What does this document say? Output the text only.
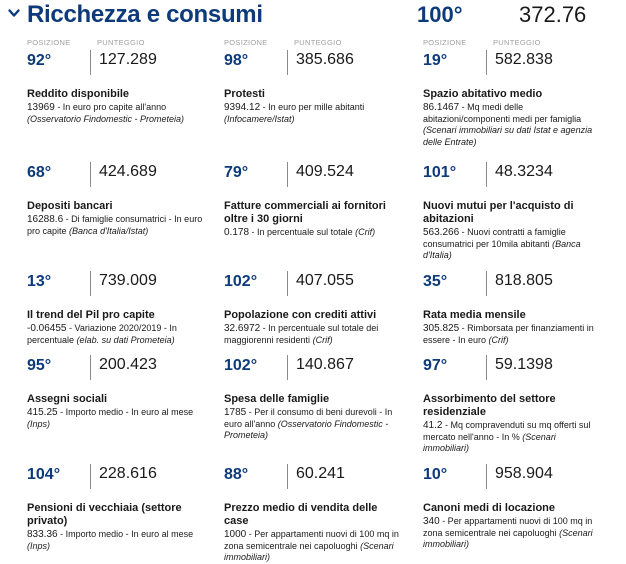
Ricchezza e consumi	100°	372.76
POSIZIONE	PUNTEGGIO
92°	127.289
Reddito disponibile
13969 - In euro pro capite all'anno (Osservatorio Findomestic - Prometeia)
POSIZIONE	PUNTEGGIO
98°	385.686
Protesti
9394.12 - In euro per mille abitanti (Infocamere/Istat)
POSIZIONE	PUNTEGGIO
19°	582.838
Spazio abitativo medio
86.1467 - Mq medi delle abitazioni/componenti medi per famiglia (Scenari immobiliari su dati Istat e agenzia delle Entrate)
68°	424.689
Depositi bancari
16288.6 - Di famiglie consumatrici - In euro pro capite (Banca d'Italia/Istat)
79°	409.524
Fatture commerciali ai fornitori oltre i 30 giorni
0.178 - In percentuale sul totale (Crif)
101° 48.3234
Nuovi mutui per l'acquisto di abitazioni
563.266 - Nuovi contratti a famiglie consumatrici per 10mila abitanti (Banca d'Italia)
13°	739.009
Il trend del Pil pro capite
-0.06455 - Variazione 2020/2019 - In percentuale (elab. su dati Prometeia)
102° 407.055
Popolazione con crediti attivi
32.6972 - In percentuale sul totale dei maggiorenni residenti (Crif)
35°	818.805
Rata media mensile
305.825 - Rimborsata per finanziamenti in essere - In euro (Crif)
95°	200.423
Assegni sociali
415.25 - Importo medio - In euro al mese (Inps)
102° 140.867
Spesa delle famiglie
1785 - Per il consumo di beni durevoli - In euro all'anno (Osservatorio Findomestic - Prometeia)
97°	59.1398
Assorbimento del settore residenziale
41.2 - Mq compravenduti su mq offerti sul mercato nell'anno - In % (Scenari immobiliari)
104° 228.616
Pensioni di vecchiaia (settore privato)
833.36 - Importo medio - In euro al mese (Inps)
88°	60.241
Prezzo medio di vendita delle case
1000 - Per appartamenti nuovi di 100 mq in zona semicentrale nei capoluoghi (Scenari immobiliari)
10°	958.904
Canoni medi di locazione
340 - Per appartamenti nuovi di 100 mq in zona semicentrale nei capoluoghi (Scenari immobiliari)
